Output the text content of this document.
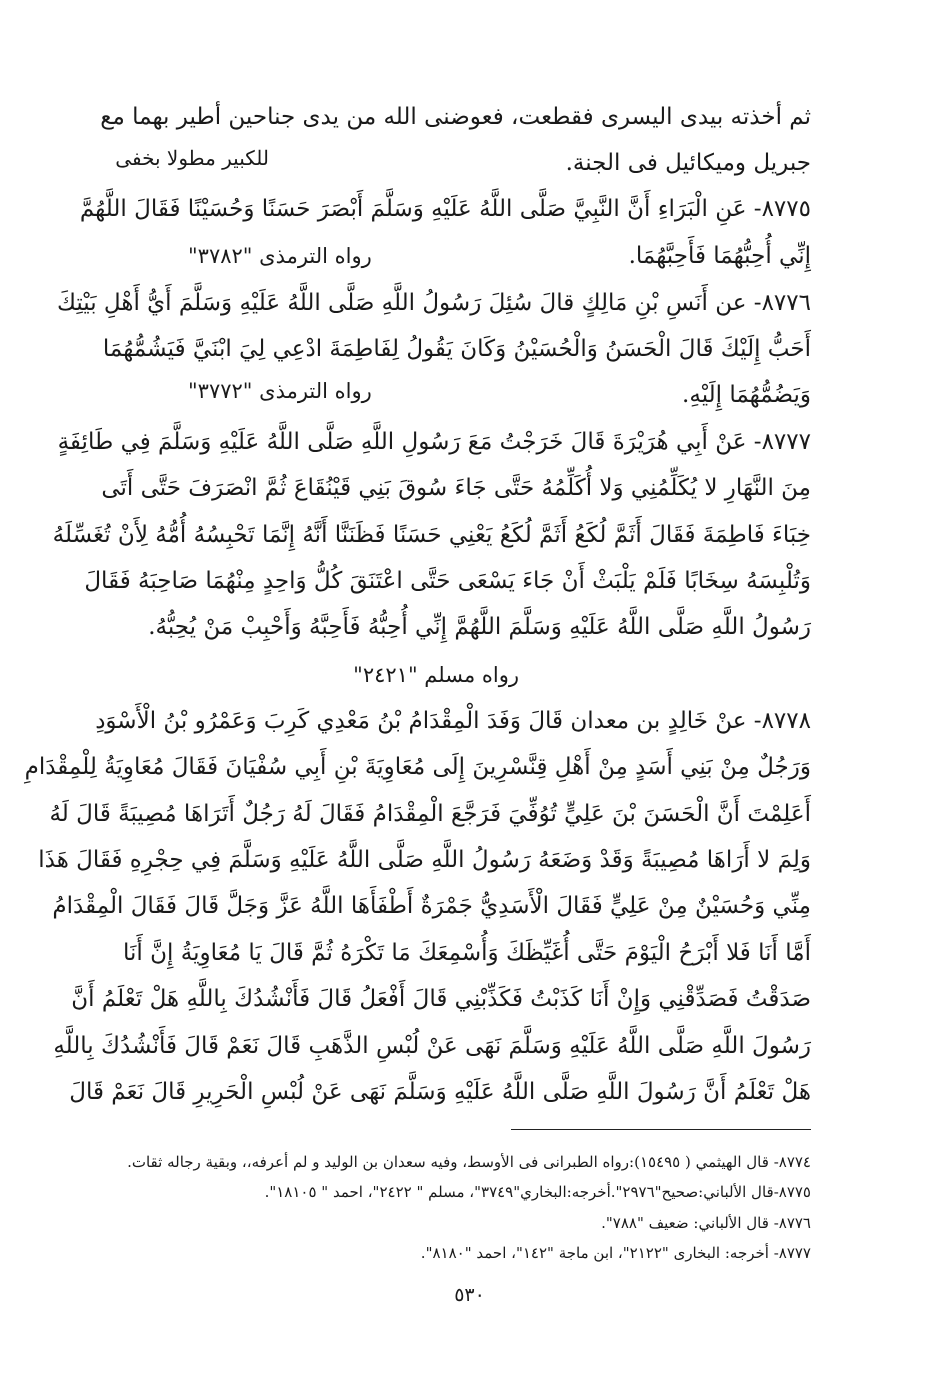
ثم أخذته بيدى اليسرى فقطعت، فعوضنى الله من يدى جناحين أطير بهما مع
جبريل وميكائيل فى الجنة.
للكبير مطولا بخفى
٨٧٧٥- عَنِ الْبَرَاءِ أَنَّ النَّبِيَّ صَلَّى اللَّهُ عَلَيْهِ وَسَلَّمَ أَبْصَرَ حَسَنًا وَحُسَيْنًا فَقَالَ اللَّهُمَّ
إِنِّي أُحِبُّهُمَا فَأَحِبَّهُمَا.
رواه الترمذى "٣٧٨٢"
٨٧٧٦- عن أَنَسِ بْنِ مَالِكٍ قالَ سُئِلَ رَسُولُ اللَّهِ صَلَّى اللَّهُ عَلَيْهِ وَسَلَّمَ أَيُّ أَهْلِ بَيْتِكَ
أَحَبُّ إِلَيْكَ قَالَ الْحَسَنُ وَالْحُسَيْنُ وَكَانَ يَقُولُ لِفَاطِمَةَ ادْعِي لِيَ ابْنَيَّ فَيَشُمُّهُمَا
وَيَضُمُّهُمَا إِلَيْهِ.
رواه الترمذى "٣٧٧٢"
٨٧٧٧- عَنْ أَبِي هُرَيْرَةَ قَالَ خَرَجْتُ مَعَ رَسُولِ اللَّهِ صَلَّى اللَّهُ عَلَيْهِ وَسَلَّمَ فِي طَائِفَةٍ
مِنَ النَّهَارِ لا يُكَلِّمُنِي وَلا أُكَلِّمُهُ حَتَّى جَاءَ سُوقَ بَنِي قَيْنُقَاعَ ثُمَّ انْصَرَفَ حَتَّى أَتَى
خِبَاءَ فَاطِمَةَ فَقَالَ أَثَمَّ لُكَعُ أَثَمَّ لُكَعُ يَعْنِي حَسَنًا فَظَنَنَّا أَنَّهُ إِنَّمَا تَحْبِسُهُ أُمُّهُ لِأَنْ تُغَسِّلَهُ
وَتُلْبِسَهُ سِخَابًا فَلَمْ يَلْبَثْ أَنْ جَاءَ يَسْعَى حَتَّى اعْتَنَقَ كُلُّ وَاحِدٍ مِنْهُمَا صَاحِبَهُ فَقَالَ
رَسُولُ اللَّهِ صَلَّى اللَّهُ عَلَيْهِ وَسَلَّمَ اللَّهُمَّ إِنِّي أُحِبُّهُ فَأَحِبَّهُ وَأَحْبِبْ مَنْ يُحِبُّهُ.
رواه مسلم "٢٤٢١"
٨٧٧٨- عنْ خَالِدٍ بن معدان قَالَ وَفَدَ الْمِقْدَامُ بْنُ مَعْدِي كَرِبَ وَعَمْرُو بْنُ الْأَسْوَدِ
وَرَجُلٌ مِنْ بَنِي أَسَدٍ مِنْ أَهْلِ قِنَّسْرِينَ إِلَى مُعَاوِيَةَ بْنِ أَبِي سُفْيَانَ فَقَالَ مُعَاوِيَةُ لِلْمِقْدَامِ
أَعَلِمْتَ أَنَّ الْحَسَنَ بْنَ عَلِيٍّ تُوُفِّيَ فَرَجَّعَ الْمِقْدَامُ فَقَالَ لَهُ رَجُلٌ أَتَرَاهَا مُصِيبَةً قَالَ لَهُ
وَلِمَ لا أَرَاهَا مُصِيبَةً وَقَدْ وَضَعَهُ رَسُولُ اللَّهِ صَلَّى اللَّهُ عَلَيْهِ وَسَلَّمَ فِي حِجْرِهِ فَقَالَ هَذَا
مِنِّي وَحُسَيْنٌ مِنْ عَلِيٍّ فَقَالَ الْأَسَدِيُّ جَمْرَةٌ أَطْفَأَهَا اللَّهُ عَزَّ وَجَلَّ قَالَ فَقَالَ الْمِقْدَامُ
أَمَّا أَنَا فَلا أَبْرَحُ الْيَوْمَ حَتَّى أُغَيِّظَكَ وَأُسْمِعَكَ مَا تَكْرَهُ ثُمَّ قَالَ يَا مُعَاوِيَةُ إِنَّ أَنَا
صَدَقْتُ فَصَدِّقْنِي وَإِنْ أَنَا كَذَبْتُ فَكَذِّبْنِي قَالَ أَفْعَلُ قَالَ فَأَنْشُدُكَ بِاللَّهِ هَلْ تَعْلَمُ أَنَّ
رَسُولَ اللَّهِ صَلَّى اللَّهُ عَلَيْهِ وَسَلَّمَ نَهَى عَنْ لُبْسِ الذَّهَبِ قَالَ نَعَمْ قَالَ فَأَنْشُدُكَ بِاللَّهِ
هَلْ تَعْلَمُ أَنَّ رَسُولَ اللَّهِ صَلَّى اللَّهُ عَلَيْهِ وَسَلَّمَ نَهَى عَنْ لُبْسِ الْحَرِيرِ قَالَ نَعَمْ قَالَ
٨٧٧٤- قال الهيثمي ( ١٥٤٩٥):رواه الطبرانى فى الأوسط، وفيه سعدان بن الوليد و لم أعرفه،، وبقية رجاله ثقات.
٨٧٧٥-قال الألباني:صحيح"٢٩٧٦".أخرجه:البخاري"٣٧٤٩"، مسلم " ٢٤٢٢"، احمد " ١٨١٠٥".
٨٧٧٦- قال الألباني: ضعيف "٧٨٨".
٨٧٧٧- أخرجه: البخارى "٢١٢٢"، ابن ماجة "١٤٢"، احمد "٨١٨٠".
٥٣٠
